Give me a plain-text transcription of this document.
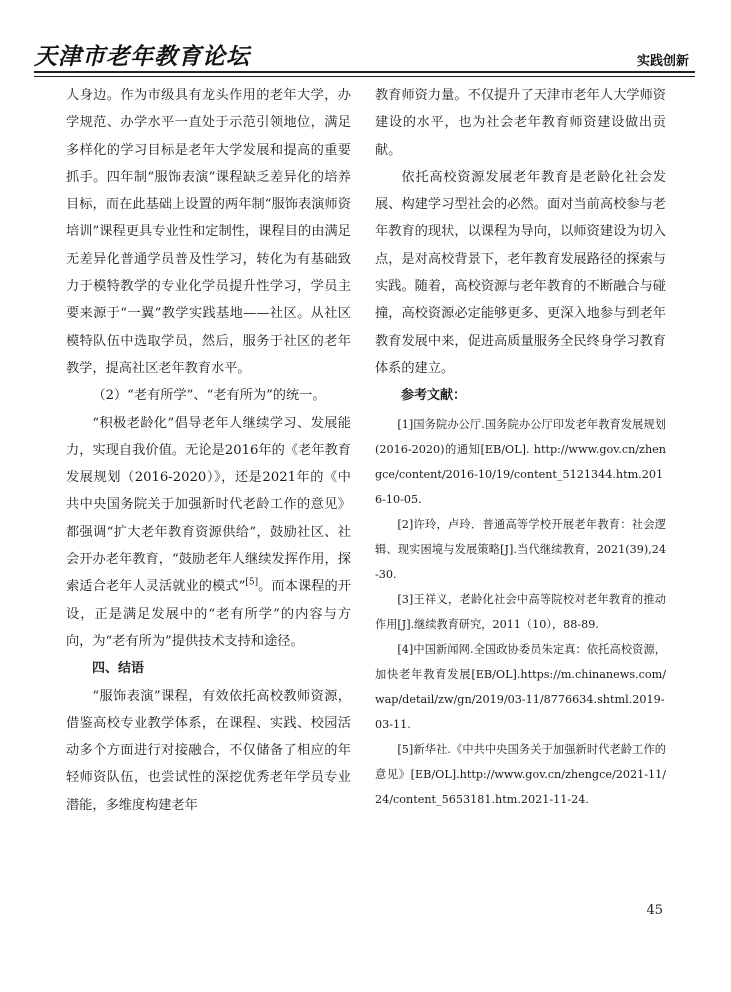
天津市老年教育论坛	实践创新

人身边。作为市级具有龙头作用的老年大学，办学规范、办学水平一直处于示范引领地位，满足多样化的学习目标是老年大学发展和提高的重要抓手。四年制“服饰表演”课程缺乏差异化的培养目标，而在此基础上设置的两年制“服饰表演师资培训”课程更具专业性和定制性，课程目的由满足无差异化普通学员普及性学习，转化为有基础致力于模特教学的专业化学员提升性学习，学员主要来源于“一翼”教学实践基地——社区。从社区模特队伍中选取学员，然后，服务于社区的老年教学，提高社区老年教育水平。

（2）“老有所学”、“老有所为”的统一。

“积极老龄化”倡导老年人继续学习、发展能力，实现自我价值。无论是2016年的《老年教育发展规划（2016-2020）》，还是2021年的《中共中央国务院关于加强新时代老龄工作的意见》都强调“扩大老年教育资源供给”，鼓励社区、社会开办老年教育，“鼓励老年人继续发挥作用，探索适合老年人灵活就业的模式”[5]。而本课程的开设，正是满足发展中的“老有所学”的内容与方向，为“老有所为”提供技术支持和途径。

四、结语

“服饰表演”课程，有效依托高校教师资源，借鉴高校专业教学体系，在课程、实践、校园活动多个方面进行对接融合，不仅储备了相应的年轻师资队伍，也尝试性的深挖优秀老年学员专业潜能，多维度构建老年

教育师资力量。不仅提升了天津市老年人大学师资建设的水平，也为社会老年教育师资建设做出贡献。

依托高校资源发展老年教育是老龄化社会发展、构建学习型社会的必然。面对当前高校参与老年教育的现状，以课程为导向，以师资建设为切入点，是对高校背景下，老年教育发展路径的探索与实践。随着，高校资源与老年教育的不断融合与碰撞，高校资源必定能够更多、更深入地参与到老年教育发展中来，促进高质量服务全民终身学习教育体系的建立。

参考文献：

[1]国务院办公厅.国务院办公厅印发老年教育发展规划(2016-2020)的通知[EB/OL]. http://www.gov.cn/zhengce/content/2016-10/19/content_5121344.htm.2016-10-05.

[2]许玲，卢玲．普通高等学校开展老年教育：社会逻辑、现实困境与发展策略[J].当代继续教育，2021(39),24-30.

[3]王祥义，老龄化社会中高等院校对老年教育的推动作用[J].继续教育研究，2011（10），88-89.

[4]中国新闻网.全国政协委员朱定真：依托高校资源，加快老年教育发展[EB/OL].https://m.chinanews.com/wap/detail/zw/gn/2019/03-11/8776634.shtml.2019-03-11.

[5]新华社.《中共中央国务关于加强新时代老龄工作的意见》[EB/OL].http://www.gov.cn/zhengce/2021-11/24/content_5653181.htm.2021-11-24.

45
